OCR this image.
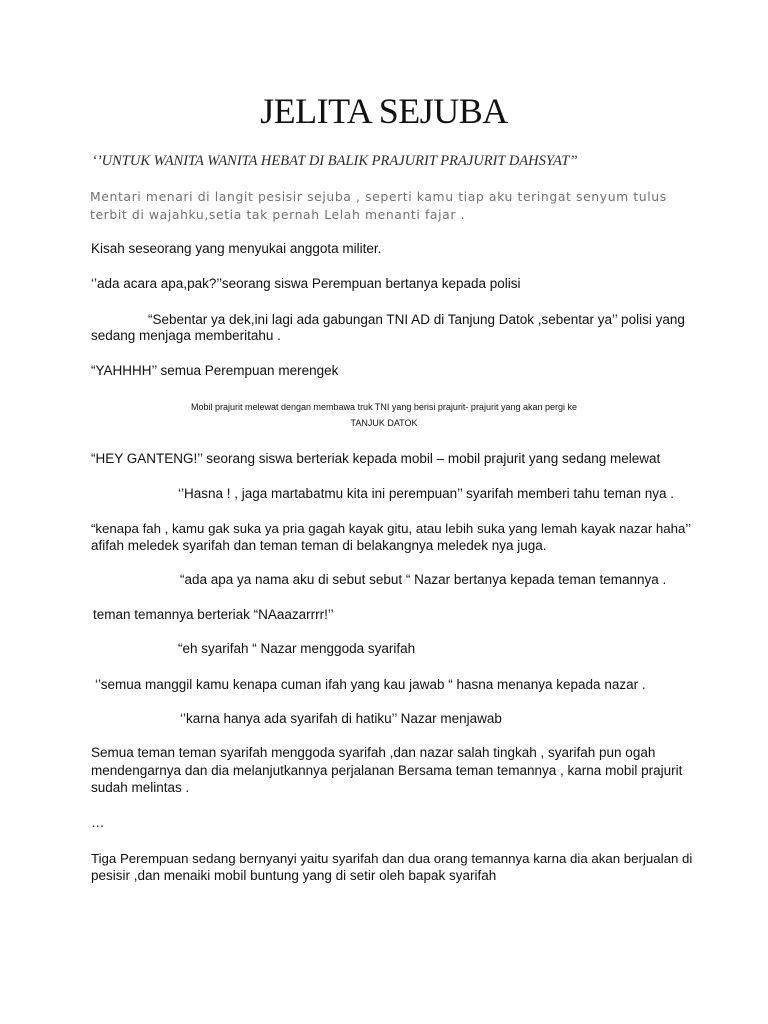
JELITA SEJUBA
‘’UNTUK WANITA WANITA HEBAT DI BALIK PRAJURIT PRAJURIT DAHSYAT’’
Mentari menari di langit pesisir sejuba , seperti kamu tiap aku teringat senyum tulus
terbit di wajahku,setia tak pernah Lelah menanti fajar .
Kisah seseorang yang menyukai anggota militer.
‘’ada acara apa,pak?’’seorang siswa Perempuan bertanya kepada polisi
“Sebentar ya dek,ini lagi ada gabungan TNI AD di Tanjung Datok ,sebentar ya’’ polisi yang
sedang menjaga memberitahu .
“YAHHHH’’ semua Perempuan merengek
Mobil prajurit melewat dengan membawa truk TNI yang berisi prajurit- prajurit yang akan pergi ke
TANJUK DATOK
“HEY GANTENG!’’ seorang siswa berteriak kepada mobil – mobil prajurit yang sedang melewat
‘’Hasna ! , jaga martabatmu kita ini perempuan’’ syarifah memberi tahu teman nya .
“kenapa fah , kamu gak suka ya pria gagah kayak gitu, atau lebih suka yang lemah kayak nazar haha’’
afifah meledek syarifah dan teman teman di belakangnya meledek nya juga.
“ada apa ya nama aku di sebut sebut “ Nazar bertanya kepada teman temannya .
teman temannya berteriak “NAaazarrrr!’’
“eh syarifah “ Nazar menggoda syarifah
‘’semua manggil kamu kenapa cuman ifah yang kau jawab “ hasna menanya kepada nazar .
‘’karna hanya ada syarifah di hatiku’’ Nazar menjawab
Semua teman teman syarifah menggoda syarifah ,dan nazar salah tingkah , syarifah pun ogah
mendengarnya dan dia melanjutkannya perjalanan Bersama teman temannya , karna mobil prajurit
sudah melintas .
…
Tiga Perempuan sedang bernyanyi yaitu syarifah dan dua orang temannya karna dia akan berjualan di
pesisir ,dan menaiki mobil buntung yang di setir oleh bapak syarifah
